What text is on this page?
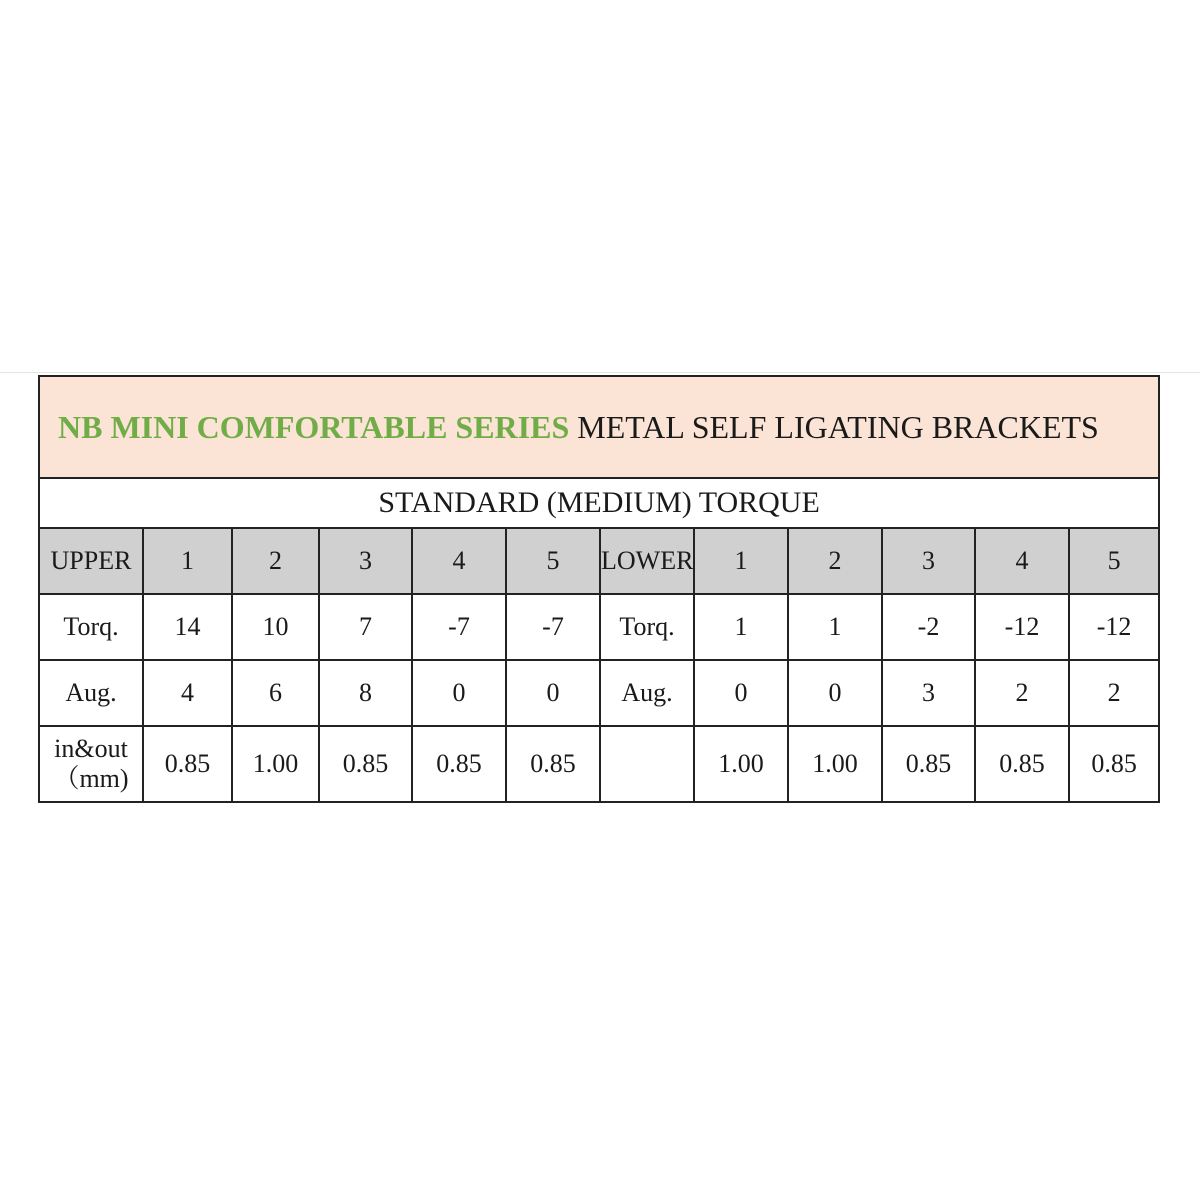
NB MINI COMFORTABLE SERIES METAL SELF LIGATING BRACKETS											
STANDARD (MEDIUM) TORQUE											
UPPER	1	2	3	4	5	LOWER	1	2	3	4	5
Torq.	14	10	7	-7	-7	Torq.	1	1	-2	-12	-12
Aug.	4	6	8	0	0	Aug.	0	0	3	2	2

in&out
（mm)	0.85	1.00	0.85	0.85	0.85		1.00	1.00	0.85	0.85	0.85
